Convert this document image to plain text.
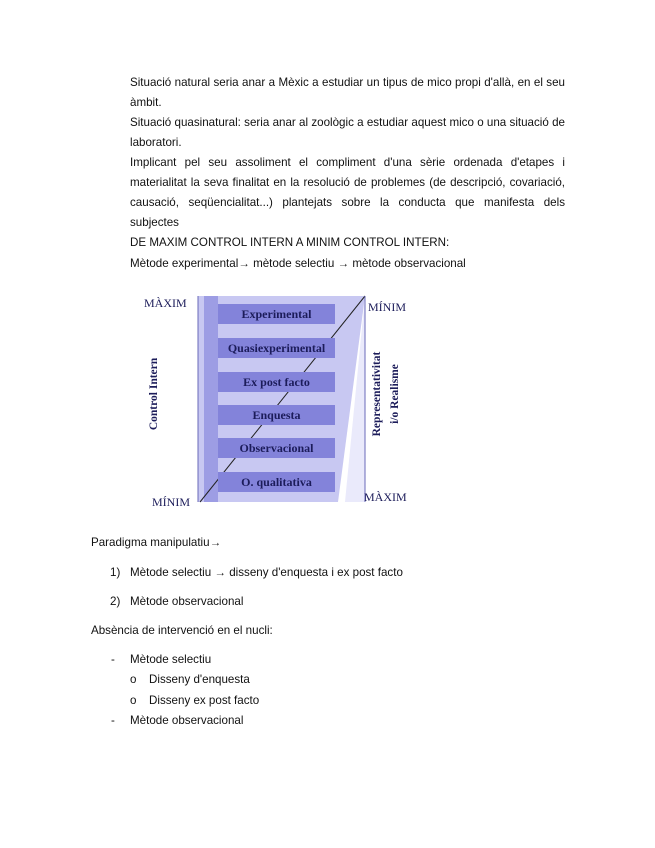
Situació natural seria anar a Mèxic a estudiar un tipus de mico propi d'allà, en el seu àmbit.
Situació quasinatural: seria anar al zoològic a estudiar aquest mico o una situació de laboratori.
Implicant pel seu assoliment el compliment d'una sèrie ordenada d'etapes i materialitat la seva finalitat en la resolució de problemes (de descripció, covariació, causació, seqüencialitat...) plantejats sobre la conducta que manifesta dels subjectes
DE MAXIM CONTROL INTERN A MINIM CONTROL INTERN:
Mètode experimental→ mètode selectiu → mètode observacional
MÀXIM
MÍNIM
MÍNIM
MÀXIM
Control Intern	Representativitat i/o Realisme
Experimental
Quasiexperimental
Ex post facto
Enquesta
Observacional
O. qualitativa
Paradigma manipulatiu→
1) Mètode selectiu → disseny d'enquesta i ex post facto
2) Mètode observacional
Absència de intervenció en el nucli:
- Mètode selectiu
o Disseny d'enquesta
o Disseny ex post facto
- Mètode observacional
